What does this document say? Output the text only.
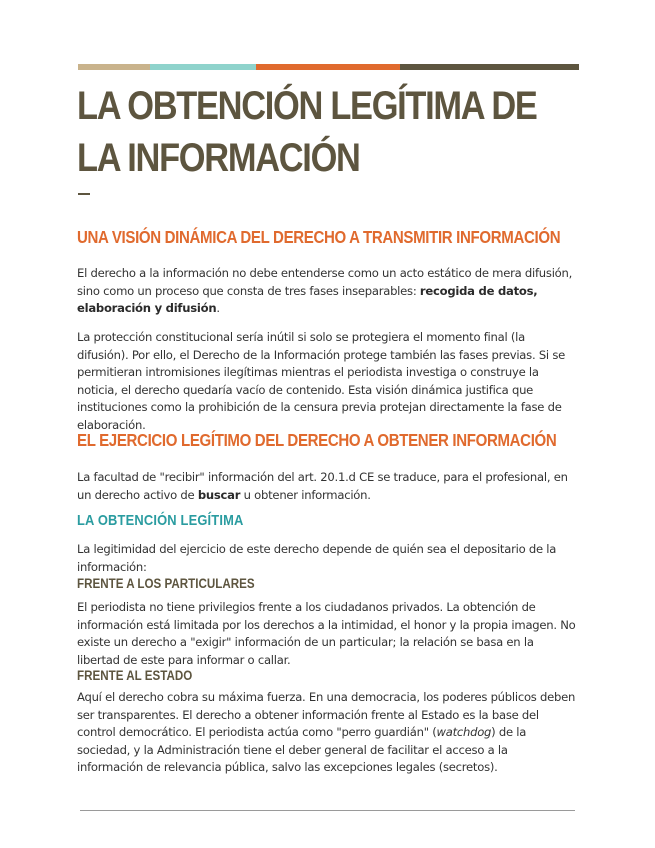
LA OBTENCIÓN LEGÍTIMA DE
LA INFORMACIÓN
UNA VISIÓN DINÁMICA DEL DERECHO A TRANSMITIR INFORMACIÓN

El derecho a la información no debe entenderse como un acto estático de mera difusión, sino como un proceso que consta de tres fases inseparables: recogida de datos, elaboración y difusión.

La protección constitucional sería inútil si solo se protegiera el momento final (la difusión). Por ello, el Derecho de la Información protege también las fases previas. Si se permitieran intromisiones ilegítimas mientras el periodista investiga o construye la noticia, el derecho quedaría vacío de contenido. Esta visión dinámica justifica que instituciones como la prohibición de la censura previa protejan directamente la fase de elaboración.

EL EJERCICIO LEGÍTIMO DEL DERECHO A OBTENER INFORMACIÓN

La facultad de "recibir" información del art. 20.1.d CE se traduce, para el profesional, en un derecho activo de buscar u obtener información.

LA OBTENCIÓN LEGÍTIMA

La legitimidad del ejercicio de este derecho depende de quién sea el depositario de la información:

FRENTE A LOS PARTICULARES

El periodista no tiene privilegios frente a los ciudadanos privados. La obtención de información está limitada por los derechos a la intimidad, el honor y la propia imagen. No existe un derecho a "exigir" información de un particular; la relación se basa en la libertad de este para informar o callar.

FRENTE AL ESTADO

Aquí el derecho cobra su máxima fuerza. En una democracia, los poderes públicos deben ser transparentes. El derecho a obtener información frente al Estado es la base del control democrático. El periodista actúa como "perro guardián" (watchdog) de la sociedad, y la Administración tiene el deber general de facilitar el acceso a la información de relevancia pública, salvo las excepciones legales (secretos).
